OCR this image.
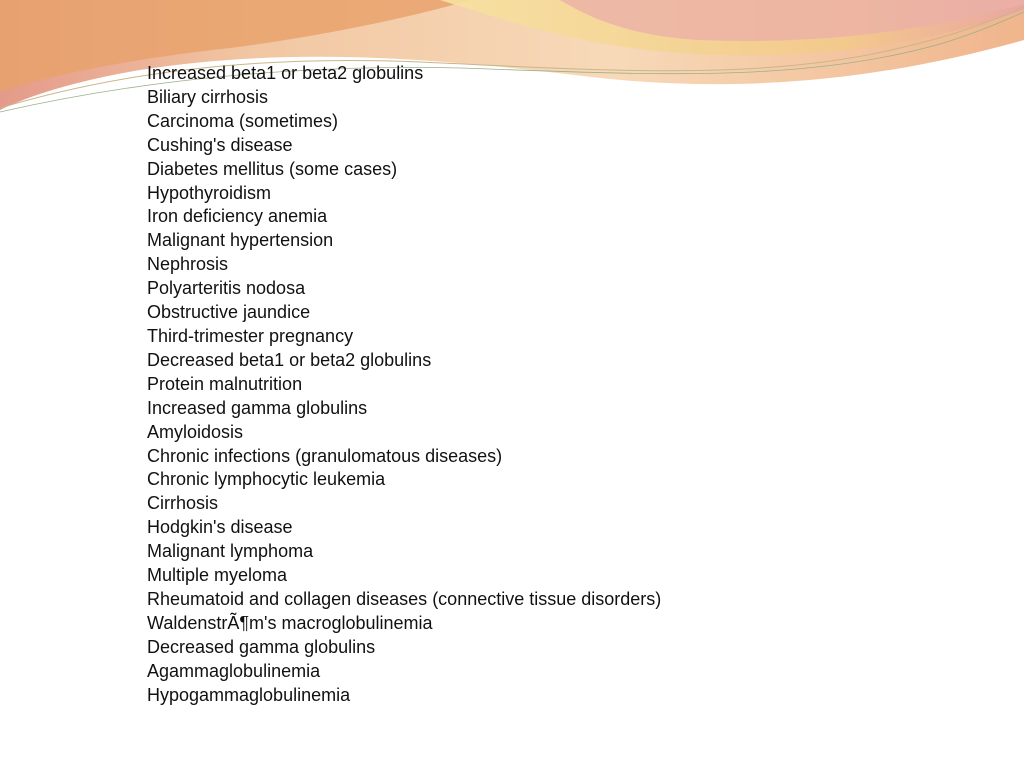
Increased beta1 or beta2 globulins
Biliary cirrhosis
Carcinoma (sometimes)
Cushing's disease
Diabetes mellitus (some cases)
Hypothyroidism
Iron deficiency anemia
Malignant hypertension
Nephrosis
Polyarteritis nodosa
Obstructive jaundice
Third-trimester pregnancy
Decreased beta1 or beta2 globulins
Protein malnutrition
Increased gamma globulins
Amyloidosis
Chronic infections (granulomatous diseases)
Chronic lymphocytic leukemia
Cirrhosis
Hodgkin's disease
Malignant lymphoma
Multiple myeloma
Rheumatoid and collagen diseases (connective tissue disorders)
WaldenstrÃ¶m's macroglobulinemia
Decreased gamma globulins
Agammaglobulinemia
Hypogammaglobulinemia
